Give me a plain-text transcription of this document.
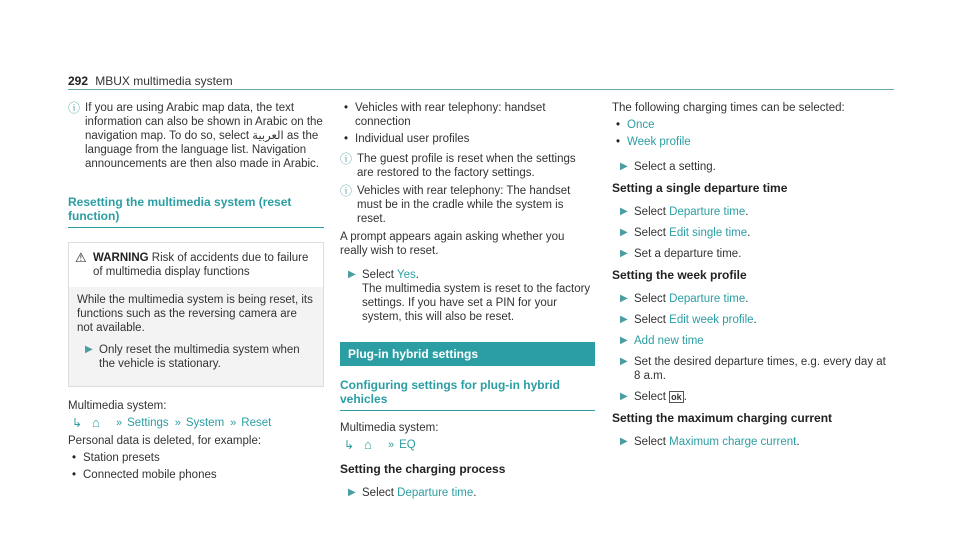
292 MBUX multimedia system
ⓘ If you are using Arabic map data, the text information can also be shown in Arabic on the navigation map. To do so, select العربية as the language from the language list. Navigation announcements are then also made in Arabic.
Resetting the multimedia system (reset function)
⚠ WARNING Risk of accidents due to failure of multimedia display functions

While the multimedia system is being reset, its functions such as the reversing camera are not available.

▶ Only reset the multimedia system when the vehicle is stationary.
Multimedia system:
↳ ⌂	» Settings » System » Reset
Personal data is deleted, for example:
• Station presets
• Connected mobile phones
• Vehicles with rear telephony: handset connection
• Individual user profiles
ⓘ The guest profile is reset when the settings are restored to the factory settings.
ⓘ Vehicles with rear telephony: The handset must be in the cradle while the system is reset.
A prompt appears again asking whether you really wish to reset.
▶ Select Yes.
The multimedia system is reset to the factory settings. If you have set a PIN for your system, this will also be reset.
Plug-in hybrid settings
Configuring settings for plug-in hybrid vehicles
Multimedia system:
↳ ⌂	» EQ
Setting the charging process
▶ Select Departure time.
The following charging times can be selected:
• Once
• Week profile
▶ Select a setting.
Setting a single departure time
▶ Select Departure time.
▶ Select Edit single time.
▶ Set a departure time.
Setting the week profile
▶ Select Departure time.
▶ Select Edit week profile.
▶ Add new time
▶ Set the desired departure times, e.g. every day at 8 a.m.
▶ Select ok .
Setting the maximum charging current
▶ Select Maximum charge current.
